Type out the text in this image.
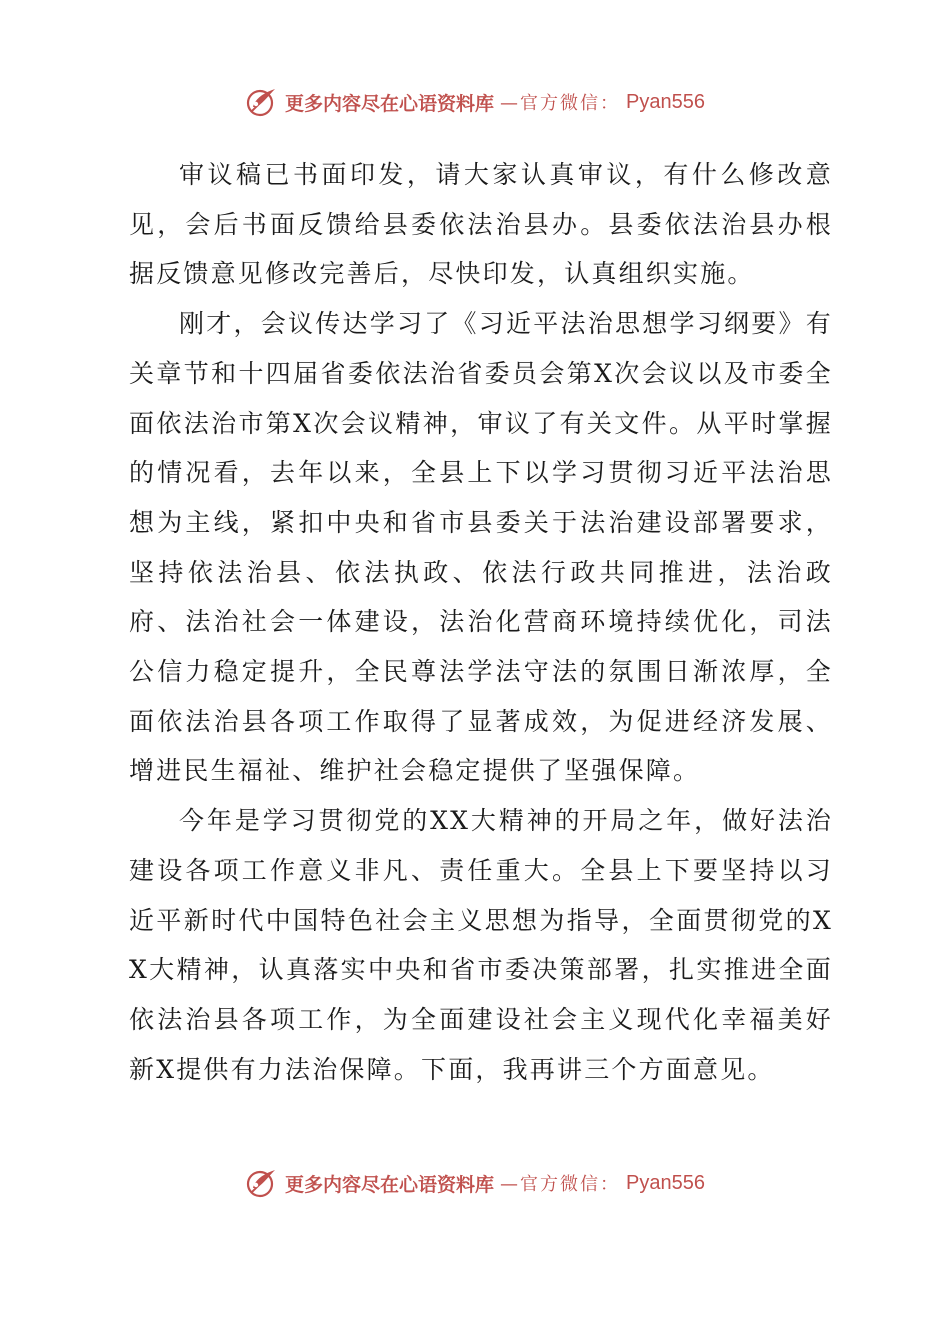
更多内容尽在心语资料库 —官方微信： Pyan556

审议稿已书面印发，请大家认真审议，有什么修改意见，会后书面反馈给县委依法治县办。县委依法治县办根据反馈意见修改完善后，尽快印发，认真组织实施。

刚才，会议传达学习了《习近平法治思想学习纲要》有关章节和十四届省委依法治省委员会第X次会议以及市委全面依法治市第X次会议精神，审议了有关文件。从平时掌握的情况看，去年以来，全县上下以学习贯彻习近平法治思想为主线，紧扣中央和省市县委关于法治建设部署要求，坚持依法治县、依法执政、依法行政共同推进，法治政府、法治社会一体建设，法治化营商环境持续优化，司法公信力稳定提升，全民尊法学法守法的氛围日渐浓厚，全面依法治县各项工作取得了显著成效，为促进经济发展、增进民生福祉、维护社会稳定提供了坚强保障。

今年是学习贯彻党的XX大精神的开局之年，做好法治建设各项工作意义非凡、责任重大。全县上下要坚持以习近平新时代中国特色社会主义思想为指导，全面贯彻党的XX大精神，认真落实中央和省市委决策部署，扎实推进全面依法治县各项工作，为全面建设社会主义现代化幸福美好新X提供有力法治保障。下面，我再讲三个方面意见。

更多内容尽在心语资料库 —官方微信： Pyan556
